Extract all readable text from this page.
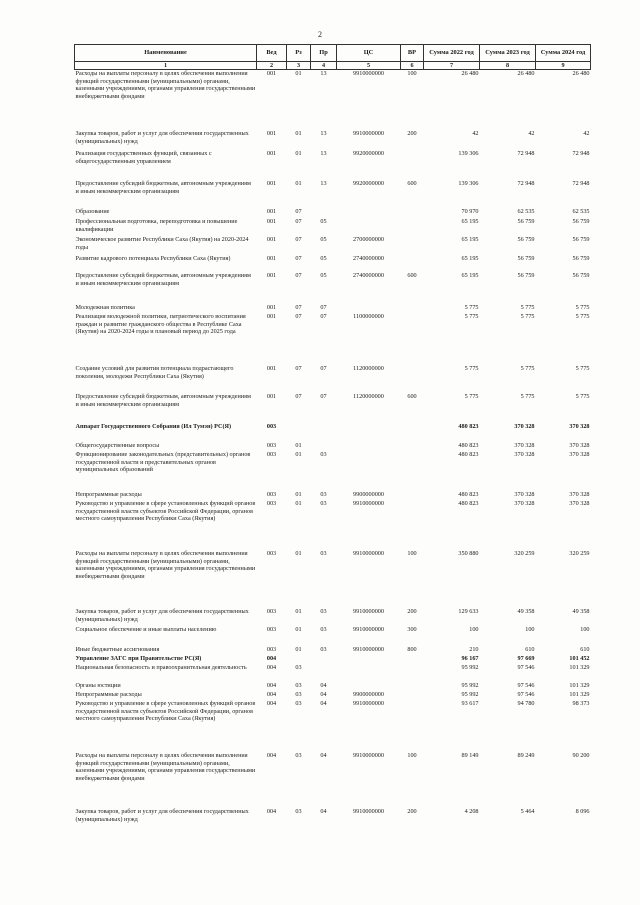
2
Наименование	Вед	Рз	Пр	ЦС	ВР	Сумма 2022 год	Сумма 2023 год	Сумма 2024 год
1	2	3	4	5	6	7	8	9
Расходы на выплаты персоналу в целях обеспечения выполнения функций государственными (муниципальными) органами, казенными учреждениями, органами управления государственными внебюджетными фондами	001	01	13	9910000000	100	26 480	26 480	26 480
Закупка товаров, работ и услуг для обеспечения государственных (муниципальных) нужд	001	01	13	9910000000	200	42	42	42
Реализация государственных функций, связанных с общегосударственным управлением	001	01	13	9920000000		139 306	72 948	72 948
Предоставление субсидий бюджетным, автономным учреждениям и иным некоммерческим организациям	001	01	13	9920000000	600	139 306	72 948	72 948
Образование	001	07				70 970	62 535	62 535
Профессиональная подготовка, переподготовка и повышение квалификации	001	07	05			65 195	56 759	56 759
Экономическое развитие Республики Саха (Якутия) на 2020-2024 годы	001	07	05	2700000000		65 195	56 759	56 759
Развитие кадрового потенциала Республики Саха (Якутия)	001	07	05	2740000000		65 195	56 759	56 759
Предоставление субсидий бюджетным, автономным учреждениям и иным некоммерческим организациям	001	07	05	2740000000	600	65 195	56 759	56 759
Молодежная политика	001	07	07			5 775	5 775	5 775
Реализация молодежной политики, патриотического воспитания граждан и развитие гражданского общества в Республике Саха (Якутия) на 2020-2024 годы и плановый период до 2025 года	001	07	07	1100000000		5 775	5 775	5 775
Создание условий для развития потенциала подрастающего поколения, молодежи Республики Саха (Якутия)	001	07	07	1120000000		5 775	5 775	5 775
Предоставление субсидий бюджетным, автономным учреждениям и иным некоммерческим организациям	001	07	07	1120000000	600	5 775	5 775	5 775
Аппарат Государственного Собрания (Ил Тумэн) РС(Я)	003					480 823	370 328	370 328
Общегосударственные вопросы	003	01				480 823	370 328	370 328
Функционирование законодательных (представительных) органов государственной власти и представительных органов муниципальных образований	003	01	03			480 823	370 328	370 328
Непрограммные расходы	003	01	03	9900000000		480 823	370 328	370 328
Руководство и управление в сфере установленных функций органов государственной власти субъектов Российской Федерации, органов местного самоуправления Республики Саха (Якутия)	003	01	03	9910000000		480 823	370 328	370 328
Расходы на выплаты персоналу в целях обеспечения выполнения функций государственными (муниципальными) органами, казенными учреждениями, органами управления государственными внебюджетными фондами	003	01	03	9910000000	100	350 880	320 259	320 259
Закупка товаров, работ и услуг для обеспечения государственных (муниципальных) нужд	003	01	03	9910000000	200	129 633	49 358	49 358
Социальное обеспечение и иные выплаты населению	003	01	03	9910000000	300	100	100	100
Иные бюджетные ассигнования	003	01	03	9910000000	800	210	610	610
Управление ЗАГС при Правительстве РС(Я)	004					96 167	97 669	101 452
Национальная безопасность и правоохранительная деятельность	004	03				95 992	97 546	101 329
Органы юстиции	004	03	04			95 992	97 546	101 329
Непрограммные расходы	004	03	04	9900000000		95 992	97 546	101 329
Руководство и управление в сфере установленных функций органов государственной власти субъектов Российской Федерации, органов местного самоуправления Республики Саха (Якутия)	004	03	04	9910000000		93 617	94 780	98 373
Расходы на выплаты персоналу в целях обеспечения выполнения функций государственными (муниципальными) органами, казенными учреждениями, органами управления государственными внебюджетными фондами	004	03	04	9910000000	100	89 149	89 249	90 200
Закупка товаров, работ и услуг для обеспечения государственных (муниципальных) нужд	004	03	04	9910000000	200	4 208	5 464	8 096
